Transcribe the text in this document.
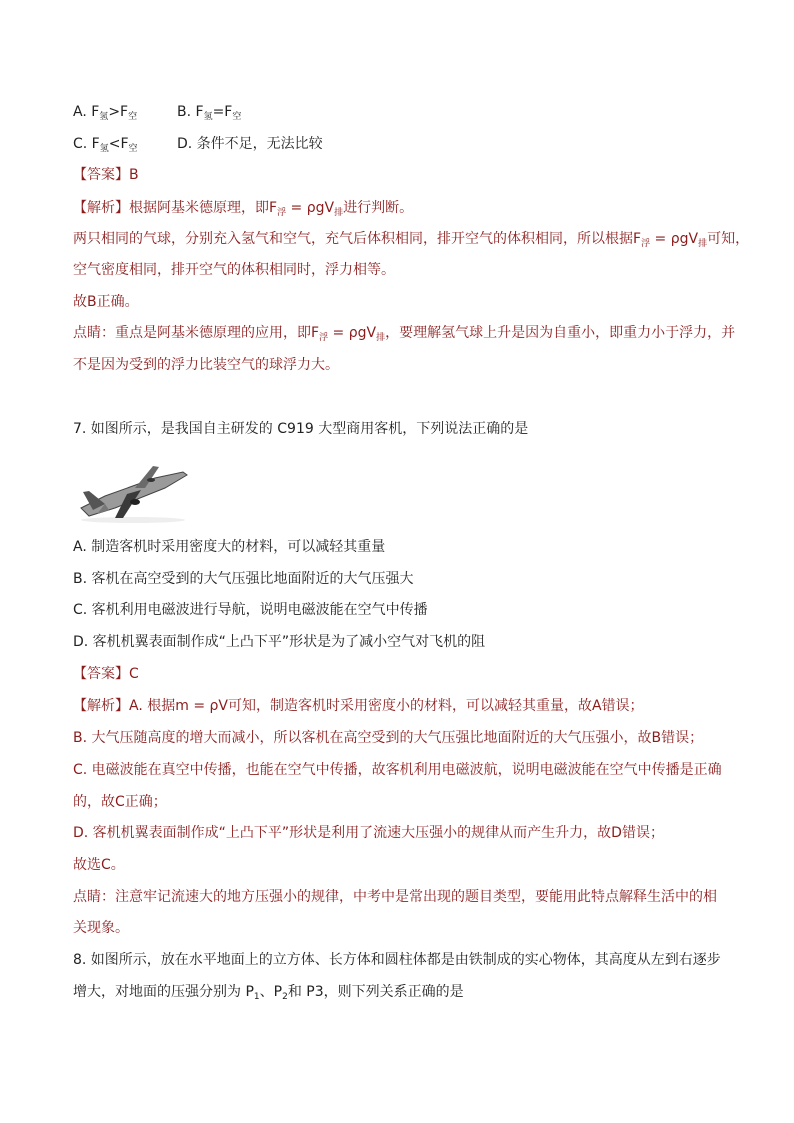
A. $F_氢>F_空$	B. $F_氢=F_空$
C. $F_氢<F_空$	D. 条件不足，无法比较
【答案】B
【解析】根据阿基米德原理，即$F_浮 = \rho gV_排$进行判断。
两只相同的气球，分别充入氢气和空气，充气后体积相同，排开空气的体积相同，所以根据$F_浮 = \rho gV_排$可知，
空气密度相同，排开空气的体积相同时，浮力相等。
故B正确。
点睛：重点是阿基米德原理的应用，即$F_浮 = \rho gV_排$，要理解氢气球上升是因为自重小，即重力小于浮力，并
不是因为受到的浮力比装空气的球浮力大。
7. 如图所示，是我国自主研发的 C919 大型商用客机，下列说法正确的是
A. 制造客机时采用密度大的材料，可以减轻其重量
B. 客机在高空受到的大气压强比地面附近的大气压强大
C. 客机利用电磁波进行导航，说明电磁波能在空气中传播
D. 客机机翼表面制作成“上凸下平”形状是为了减小空气对飞机的阻
【答案】C
【解析】A. 根据m = ρV可知，制造客机时采用密度小的材料，可以减轻其重量，故A错误；
B. 大气压随高度的增大而减小，所以客机在高空受到的大气压强比地面附近的大气压强小，故B错误；
C. 电磁波能在真空中传播，也能在空气中传播，故客机利用电磁波航，说明电磁波能在空气中传播是正确
的，故C正确；
D. 客机机翼表面制作成“上凸下平”形状是利用了流速大压强小的规律从而产生升力，故D错误；
故选C。
点睛：注意牢记流速大的地方压强小的规律，中考中是常出现的题目类型，要能用此特点解释生活中的相
关现象。
8. 如图所示，放在水平地面上的立方体、长方体和圆柱体都是由铁制成的实心物体，其高度从左到右逐步
增大，对地面的压强分别为 $P_1$、$P_2$和 P3，则下列关系正确的是
